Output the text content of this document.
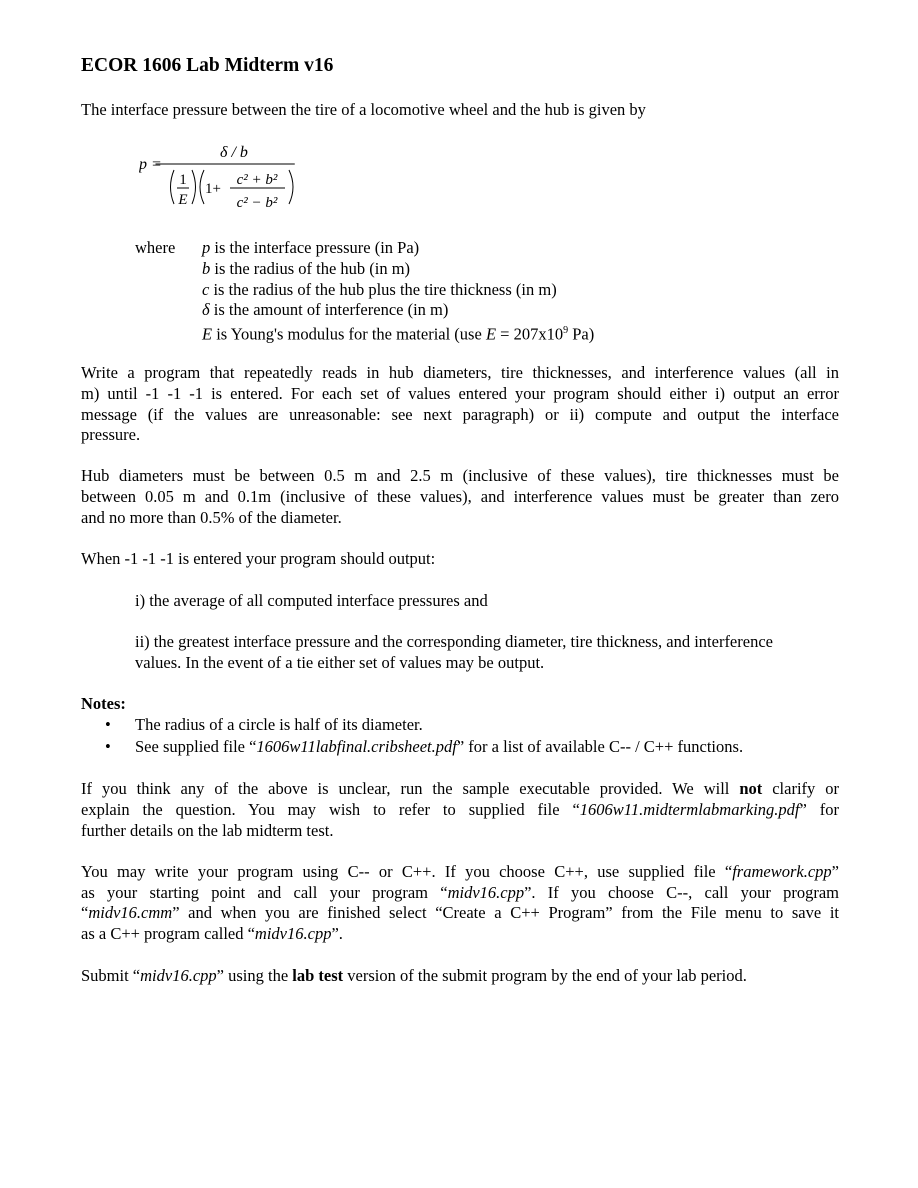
ECOR 1606 Lab Midterm v16

The interface pressure between the tire of a locomotive wheel and the hub is given by

p =
δ / b
1
E
1+
c² + b²
c² − b²
where p is the interface pressure (in Pa)
b is the radius of the hub (in m)
c is the radius of the hub plus the tire thickness (in m)
δ is the amount of interference (in m)
E is Young's modulus for the material (use $E = 207x10^9$ Pa)

Write a program that repeatedly reads in hub diameters, tire thicknesses, and interference values (all in

m) until -1 -1 -1 is entered. For each set of values entered your program should either i) output an error

message (if the values are unreasonable: see next paragraph) or ii) compute and output the interface

pressure.

Hub diameters must be between 0.5 m and 2.5 m (inclusive of these values), tire thicknesses must be

between 0.05 m and 0.1m (inclusive of these values), and interference values must be greater than zero

and no more than 0.5% of the diameter.

When -1 -1 -1 is entered your program should output:

i) the average of all computed interface pressures and

ii) the greatest interface pressure and the corresponding diameter, tire thickness, and interference

values. In the event of a tie either set of values may be output.

Notes:

• The radius of a circle is half of its diameter.
• See supplied file “1606w11labfinal.cribsheet.pdf” for a list of available C-- / C++ functions.

If you think any of the above is unclear, run the sample executable provided. We will not clarify or

explain the question. You may wish to refer to supplied file “1606w11.midtermlabmarking.pdf” for

further details on the lab midterm test.

You may write your program using C-- or C++. If you choose C++, use supplied file “framework.cpp”

as your starting point and call your program “midv16.cpp”. If you choose C--, call your program

“midv16.cmm” and when you are finished select “Create a C++ Program” from the File menu to save it

as a C++ program called “midv16.cpp”.

Submit “midv16.cpp” using the lab test version of the submit program by the end of your lab period.
